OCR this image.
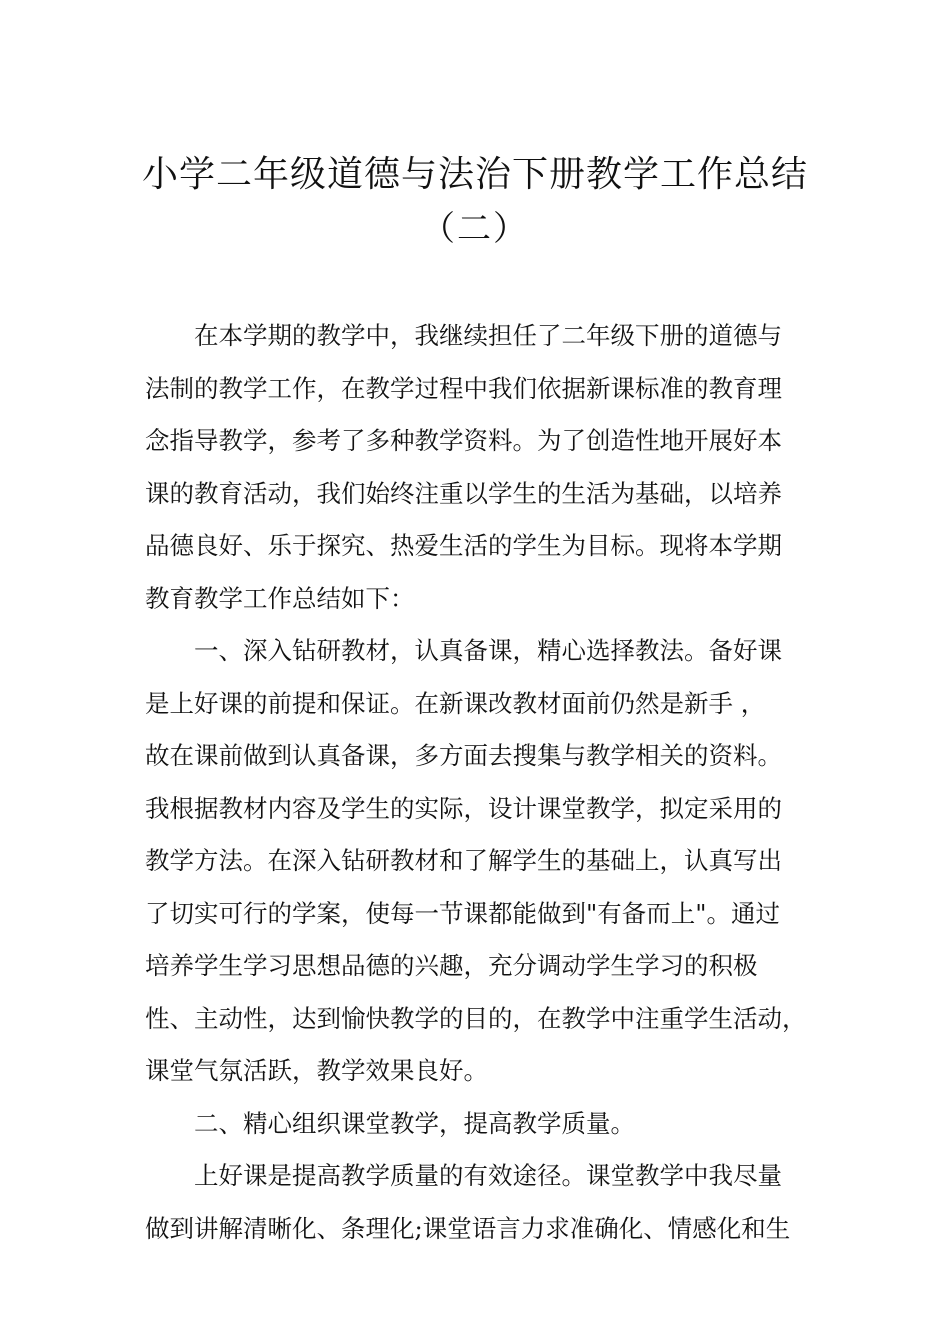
小学二年级道德与法治下册教学工作总结
（二）
在本学期的教学中，我继续担任了二年级下册的道德与
法制的教学工作，在教学过程中我们依据新课标准的教育理
念指导教学，参考了多种教学资料。为了创造性地开展好本
课的教育活动，我们始终注重以学生的生活为基础，以培养
品德良好、乐于探究、热爱生活的学生为目标。现将本学期
教育教学工作总结如下：
一、深入钻研教材，认真备课，精心选择教法。备好课
是上好课的前提和保证。在新课改教材面前仍然是新手 ，
故在课前做到认真备课，多方面去搜集与教学相关的资料。
我根据教材内容及学生的实际，设计课堂教学，拟定采用的
教学方法。在深入钻研教材和了解学生的基础上，认真写出
了切实可行的学案，使每一节课都能做到"有备而上"。通过
培养学生学习思想品德的兴趣，充分调动学生学习的积极
性、主动性，达到愉快教学的目的，在教学中注重学生活动，
课堂气氛活跃，教学效果良好。
二、精心组织课堂教学，提高教学质量。
上好课是提高教学质量的有效途径。课堂教学中我尽量
做到讲解清晰化、条理化;课堂语言力求准确化、情感化和生
